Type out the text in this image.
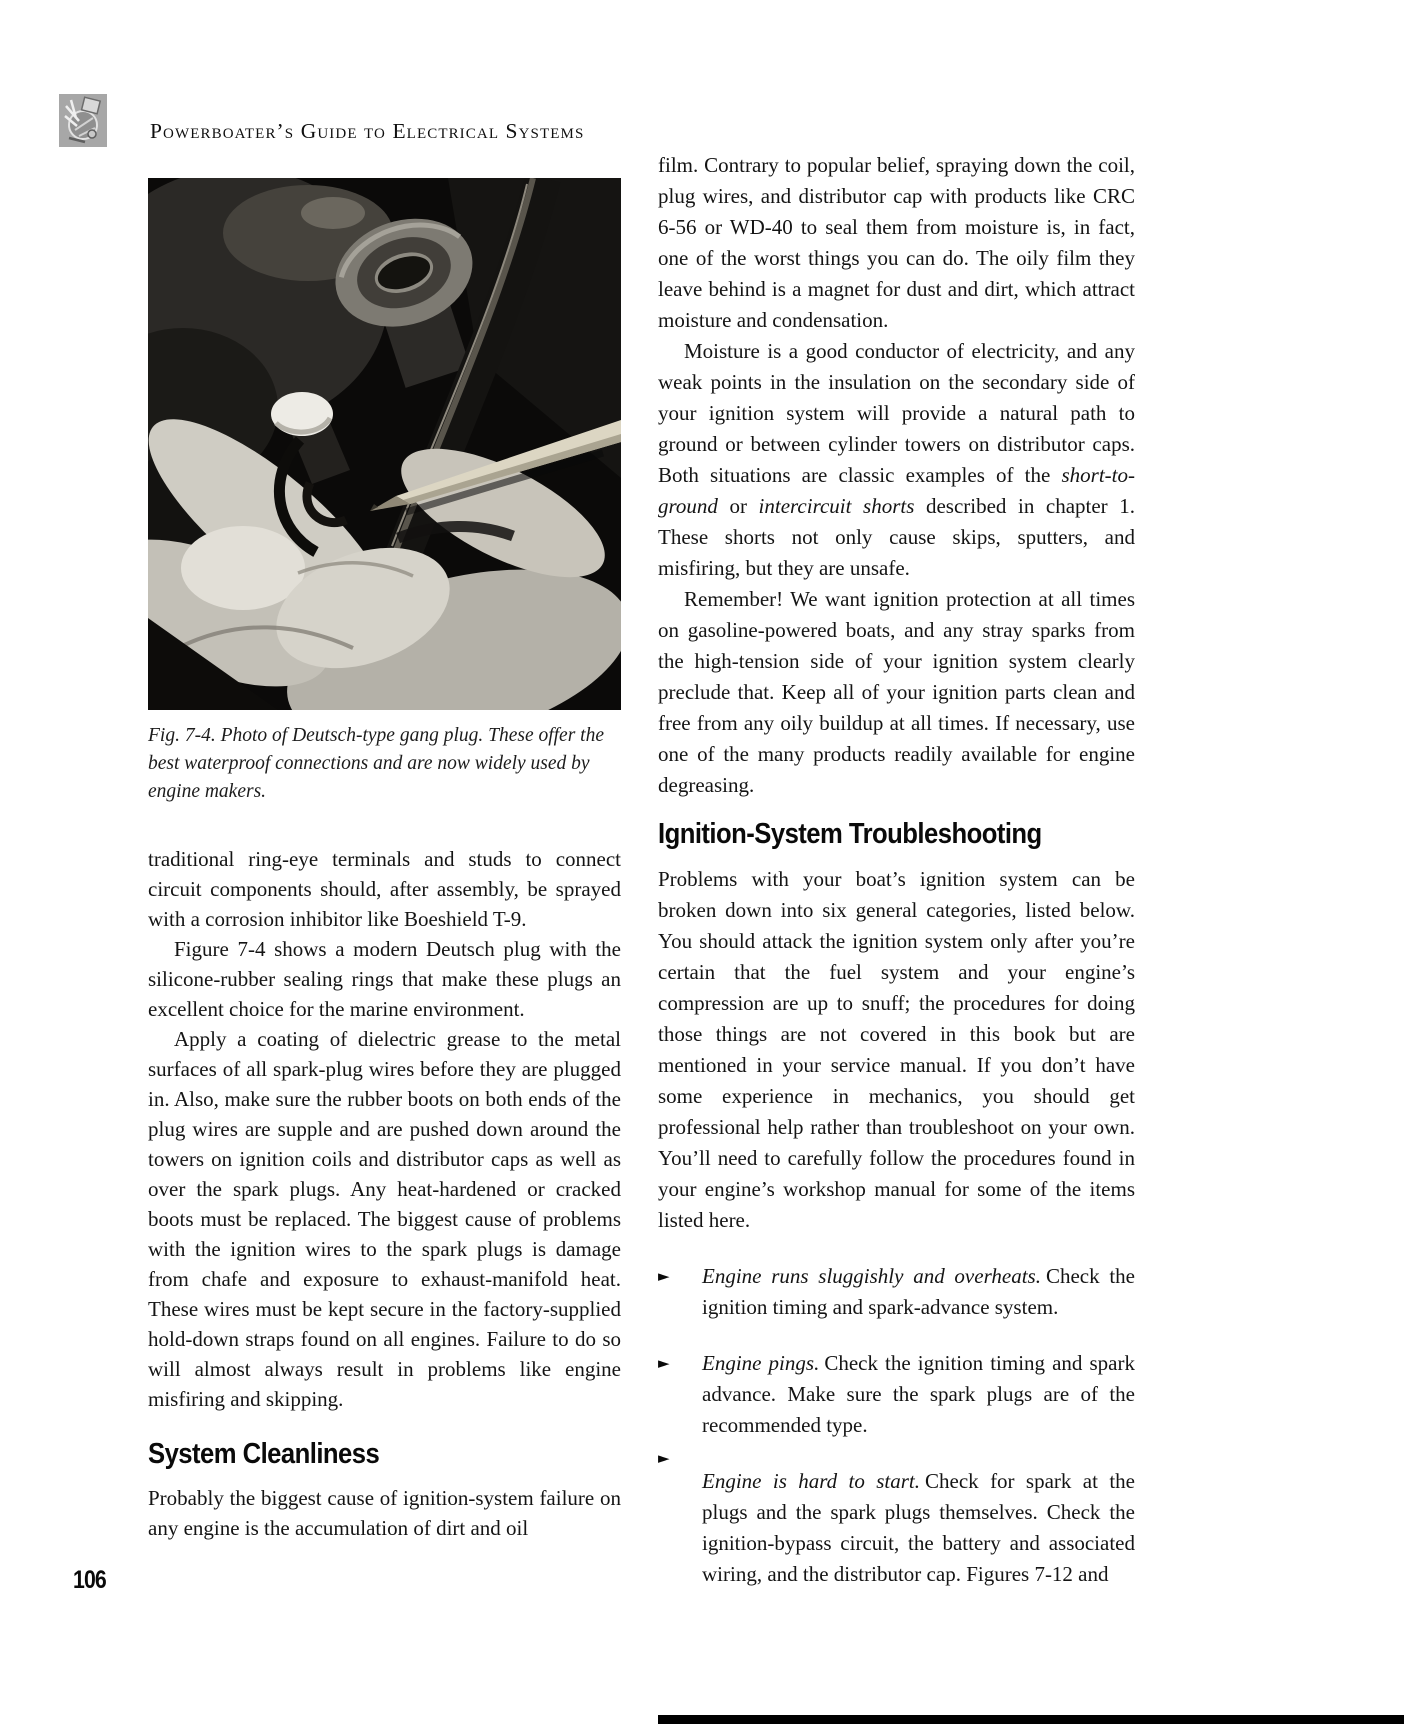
Powerboater’s Guide to Electrical Systems
Fig. 7-4. Photo of Deutsch-type gang plug. These offer the best waterproof connections and are now widely used by engine makers.

traditional ring-eye terminals and studs to connect circuit components should, after assembly, be sprayed with a corrosion inhibitor like Boeshield T-9.

Figure 7-4 shows a modern Deutsch plug with the silicone-rubber sealing rings that make these plugs an excellent choice for the marine environment.

Apply a coating of dielectric grease to the metal surfaces of all spark-plug wires before they are plugged in. Also, make sure the rubber boots on both ends of the plug wires are supple and are pushed down around the towers on ignition coils and distributor caps as well as over the spark plugs. Any heat-hardened or cracked boots must be replaced. The biggest cause of problems with the ignition wires to the spark plugs is damage from chafe and exposure to exhaust-manifold heat. These wires must be kept secure in the factory-supplied hold-down straps found on all engines. Failure to do so will almost always result in problems like engine misfiring and skipping.

System Cleanliness

Probably the biggest cause of ignition-system failure on any engine is the accumulation of dirt and oil

film. Contrary to popular belief, spraying down the coil, plug wires, and distributor cap with products like CRC 6-56 or WD-40 to seal them from moisture is, in fact, one of the worst things you can do. The oily film they leave behind is a magnet for dust and dirt, which attract moisture and condensation.

Moisture is a good conductor of electricity, and any weak points in the insulation on the secondary side of your ignition system will provide a natural path to ground or between cylinder towers on distributor caps. Both situations are classic examples of the short-to-ground or intercircuit shorts described in chapter 1. These shorts not only cause skips, sputters, and misfiring, but they are unsafe.

Remember! We want ignition protection at all times on gasoline-powered boats, and any stray sparks from the high-tension side of your ignition system clearly preclude that. Keep all of your ignition parts clean and free from any oily buildup at all times. If necessary, use one of the many products readily available for engine degreasing.

Ignition-System Troubleshooting

Problems with your boat’s ignition system can be broken down into six general categories, listed below. You should attack the ignition system only after you’re certain that the fuel system and your engine’s compression are up to snuff; the procedures for doing those things are not covered in this book but are mentioned in your service manual. If you don’t have some experience in mechanics, you should get professional help rather than troubleshoot on your own. You’ll need to carefully follow the procedures found in your engine’s workshop manual for some of the items listed here.

►	Engine runs sluggishly and overheats. Check the ignition timing and spark-advance system.
►	Engine pings. Check the ignition timing and spark advance. Make sure the spark plugs are of the recommended type.
►
Engine is hard to start. Check for spark at the plugs and the spark plugs themselves. Check the ignition-bypass circuit, the battery and associated wiring, and the distributor cap. Figures 7-12 and
106
